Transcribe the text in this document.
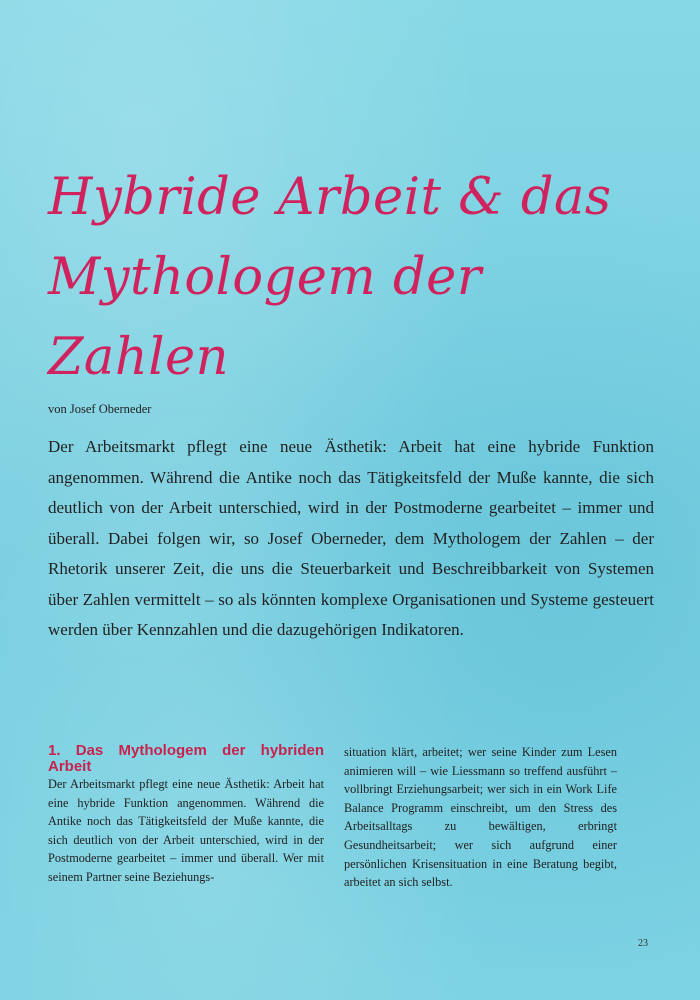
Hybride Arbeit & das Mythologem der Zahlen
von Josef Oberneder

Der Arbeitsmarkt pflegt eine neue Ästhetik: Arbeit hat eine hybride Funktion angenommen. Während die Antike noch das Tätigkeitsfeld der Muße kannte, die sich deutlich von der Arbeit unterschied, wird in der Postmoderne gearbeitet – immer und überall. Dabei folgen wir, so Josef Oberneder, dem Mythologem der Zahlen – der Rhetorik unserer Zeit, die uns die Steuerbarkeit und Beschreibbarkeit von Systemen über Zahlen vermittelt – so als könnten komplexe Organisationen und Systeme gesteuert werden über Kennzahlen und die dazugehörigen Indikatoren.

1. Das Mythologem der hybriden Arbeit

Der Arbeitsmarkt pflegt eine neue Ästhetik: Arbeit hat eine hybride Funktion angenommen. Während die Antike noch das Tätigkeitsfeld der Muße kannte, die sich deutlich von der Arbeit unterschied, wird in der Postmoderne gearbeitet – immer und überall. Wer mit seinem Partner seine Beziehungs-

situation klärt, arbeitet; wer seine Kinder zum Lesen animieren will – wie Liessmann so treffend ausführt – vollbringt Erziehungsarbeit; wer sich in ein Work Life Balance Programm einschreibt, um den Stress des Arbeitsalltags zu bewältigen, erbringt Gesundheitsarbeit; wer sich aufgrund einer persönlichen Krisensituation in eine Beratung begibt, arbeitet an sich selbst.

23
